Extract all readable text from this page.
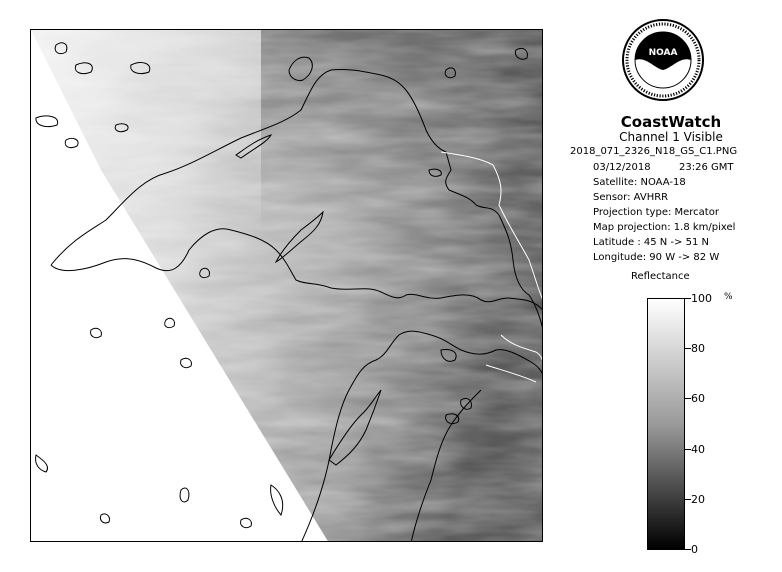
NOAA
CoastWatch
Channel 1 Visible
2018_071_2326_N18_GS_C1.PNG
03/12/2018	23:26 GMT
Satellite: NOAA-18
Sensor: AVHRR
Projection type: Mercator
Map projection: 1.8 km/pixel
Latitude : 45 N -> 51 N
Longitude: 90 W -> 82 W
Reflectance
%
100
80
60
40
20
0
